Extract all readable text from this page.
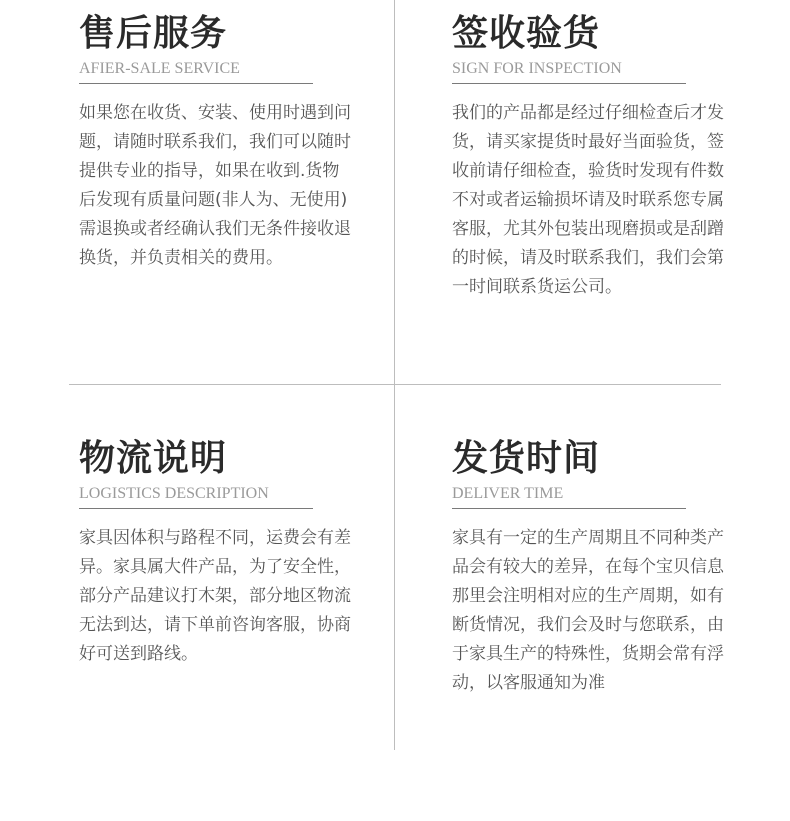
售后服务
AFIER-SALE SERVICE
如果您在收货、安装、使用时遇到问题，请随时联系我们，我们可以随时提供专业的指导，如果在收到.货物后发现有质量问题(非人为、无使用)需退换或者经确认我们无条件接收退换货，并负责相关的费用。
签收验货
SIGN FOR INSPECTION
我们的产品都是经过仔细检查后才发货，请买家提货时最好当面验货，签收前请仔细检查，验货时发现有件数不对或者运输损坏请及时联系您专属客服，尤其外包装出现磨损或是刮蹭的时候，请及时联系我们，我们会第一时间联系货运公司。
物流说明
LOGISTICS DESCRIPTION
家具因体积与路程不同，运费会有差异。家具属大件产品，为了安全性，部分产品建议打木架，部分地区物流无法到达，请下单前咨询客服，协商好可送到路线。
发货时间
DELIVER TIME
家具有一定的生产周期且不同种类产品会有较大的差异，在每个宝贝信息那里会注明相对应的生产周期，如有断货情况，我们会及时与您联系，由于家具生产的特殊性，货期会常有浮动，以客服通知为准
